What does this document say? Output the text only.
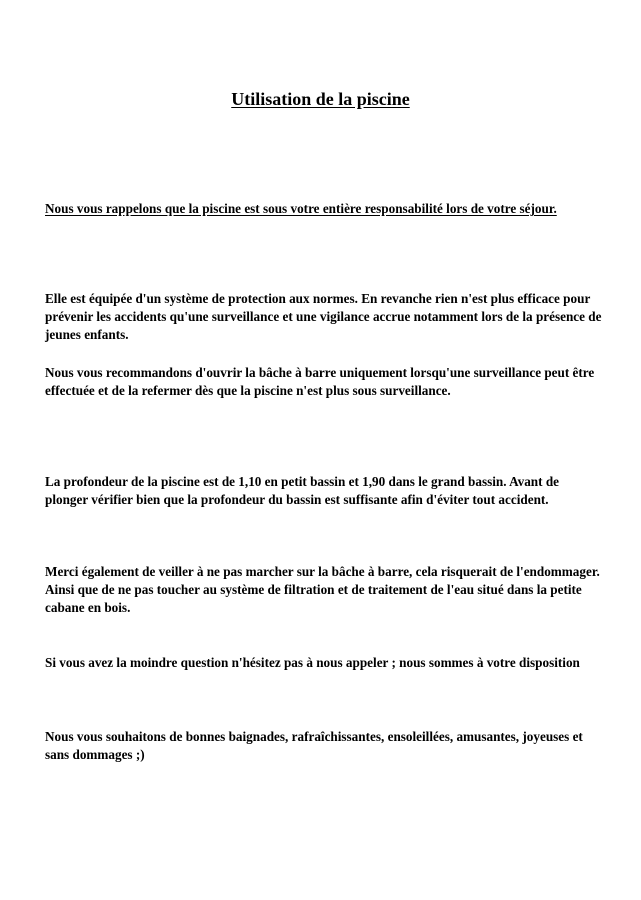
Utilisation de la piscine

Nous vous rappelons que la piscine est sous votre entière responsabilité lors de votre séjour.

Elle est équipée d'un système de protection aux normes. En revanche rien n'est plus efficace pour prévenir les accidents qu'une surveillance et une vigilance accrue notamment lors de la présence de jeunes enfants.

Nous vous recommandons d'ouvrir la bâche à barre uniquement lorsqu'une surveillance peut être effectuée et de la refermer dès que la piscine n'est plus sous surveillance.

La profondeur de la piscine est de 1,10 en petit bassin et 1,90 dans le grand bassin. Avant de plonger vérifier bien que la profondeur du bassin est suffisante afin d'éviter tout accident.

Merci également de veiller à ne pas marcher sur la bâche à barre, cela risquerait de l'endommager. Ainsi que de ne pas toucher au système de filtration et de traitement de l'eau situé dans la petite cabane en bois.

Si vous avez la moindre question n'hésitez pas à nous appeler ; nous sommes à votre disposition

Nous vous souhaitons de bonnes baignades, rafraîchissantes, ensoleillées, amusantes, joyeuses et sans dommages ;)
